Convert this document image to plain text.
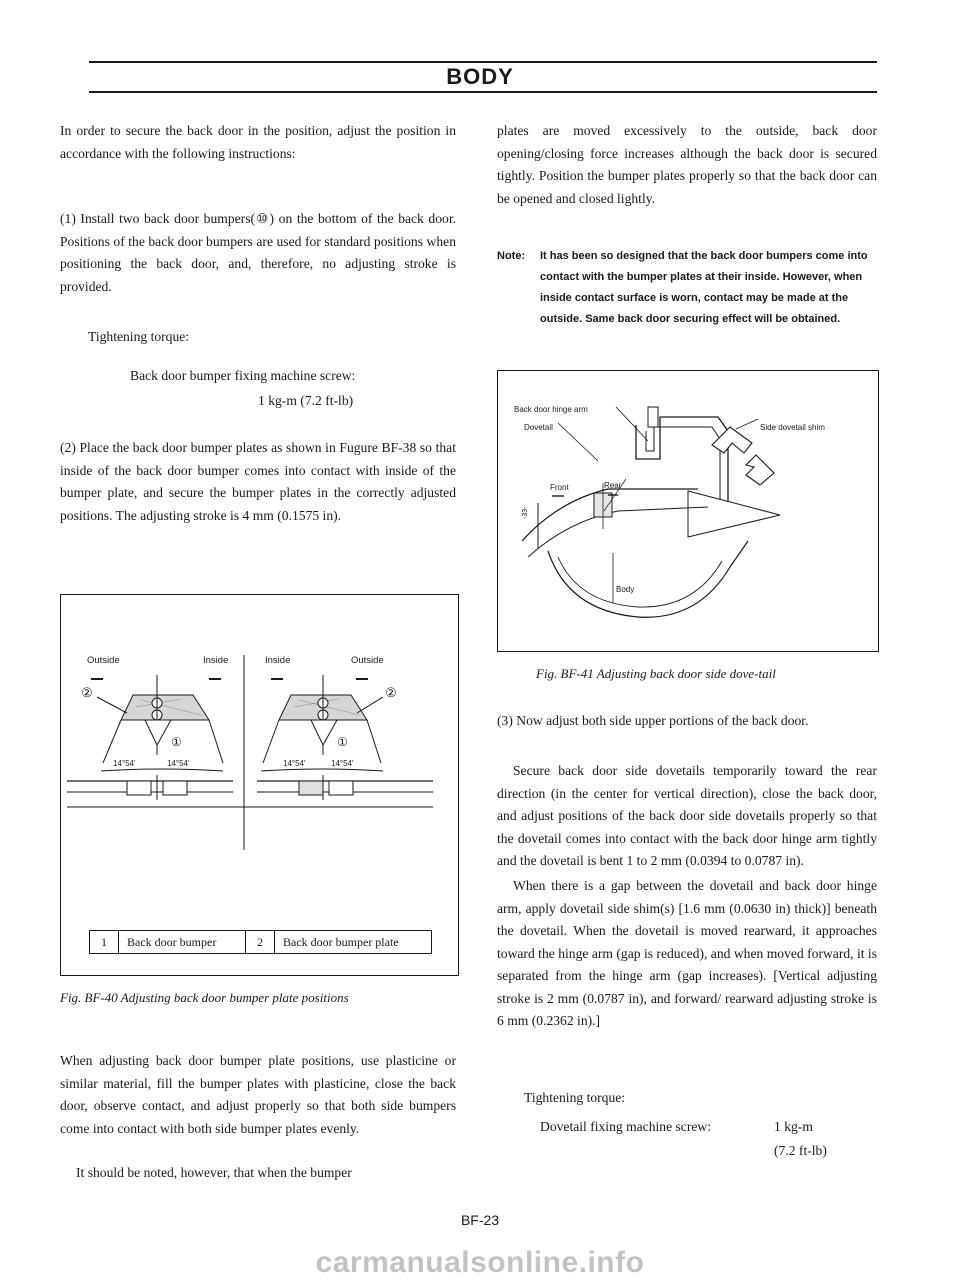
BODY
In order to secure the back door in the position, adjust the position in accordance with the following instructions:
(1) Install two back door bumpers(⑩) on the bottom of the back door. Positions of the back door bumpers are used for standard positions when positioning the back door, and, therefore, no adjusting stroke is provided.
Tightening torque:
Back door bumper fixing machine screw:
1 kg-m (7.2 ft-lb)
(2) Place the back door bumper plates as shown in Fugure BF-38 so that inside of the back door bumper comes into contact with inside of the bumper plate, and secure the bumper plates in the correctly adjusted positions. The adjusting stroke is 4 mm (0.1575 in).
Outside	Inside	Inside	Outside
②	②
①	①
14°54'	14°54'	14°54'	14°54'
1	Back door bumper	2	Back door bumper plate
Fig. BF-40 Adjusting back door bumper plate positions
When adjusting back door bumper plate positions, use plasticine or similar material, fill the bumper plates with plasticine, close the back door, observe contact, and adjust properly so that both side bumpers come into contact with both side bumper plates evenly.
It should be noted, however, that when the bumper
plates are moved excessively to the outside, back door opening/closing force increases although the back door is secured tightly. Position the bumper plates properly so that the back door can be opened and closed lightly.
Note:	It has been so designed that the back door bumpers come into contact with the bumper plates at their inside. However, when inside contact surface is worn, contact may be made at the outside. Same back door securing effect will be obtained.
Back door hinge arm
Dovetail	Side dovetail shim
Front	Rear
Body
-33-
Fig. BF-41 Adjusting back door side dove-tail
(3) Now adjust both side upper portions of the back door.
Secure back door side dovetails temporarily toward the rear direction (in the center for vertical direction), close the back door, and adjust positions of the back door side dovetails properly so that the dovetail comes into contact with the back door hinge arm tightly and the dovetail is bent 1 to 2 mm (0.0394 to 0.0787 in).
When there is a gap between the dovetail and back door hinge arm, apply dovetail side shim(s) [1.6 mm (0.0630 in) thick)] beneath the dovetail. When the dovetail is moved rearward, it approaches toward the hinge arm (gap is reduced), and when moved forward, it is separated from the hinge arm (gap increases). [Vertical adjusting stroke is 2 mm (0.0787 in), and forward/ rearward adjusting stroke is 6 mm (0.2362 in).]
Tightening torque:
Dovetail fixing machine screw:	1 kg-m
(7.2 ft-lb)
BF-23
carmanualsonline.info
